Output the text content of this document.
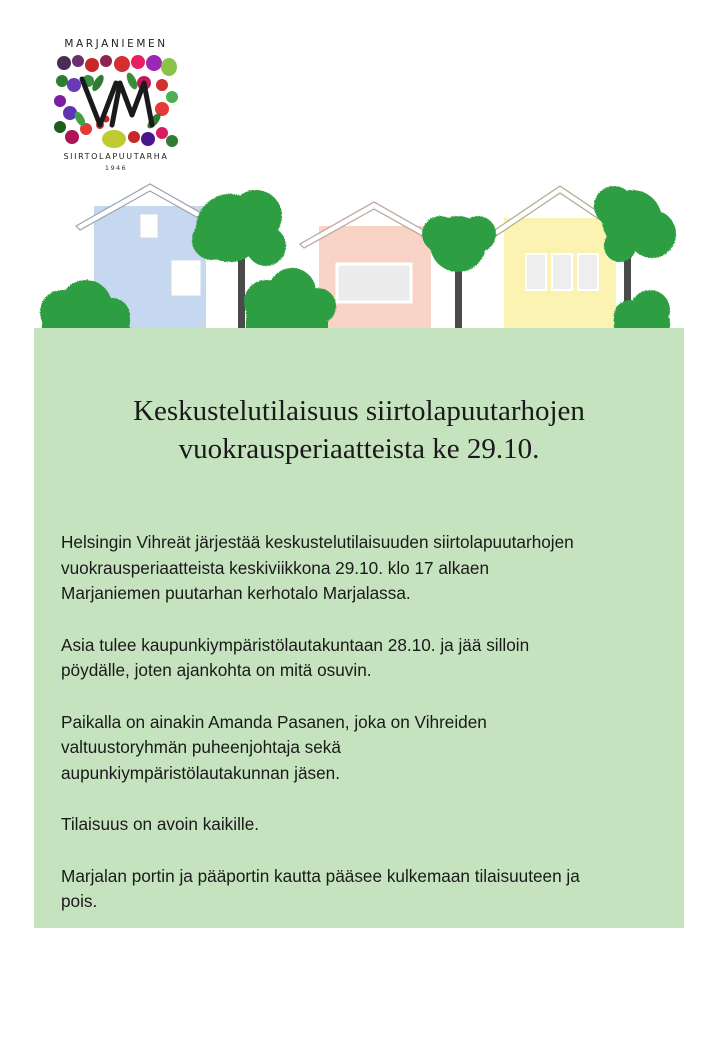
MARJANIEMEN
SIIRTOLAPUUTARHA
1946
Keskustelutilaisuus siirtolapuutarhojen
vuokrausperiaatteista ke 29.10.

Helsingin Vihreät järjestää keskustelutilaisuuden siirtolapuutarhojen
vuokrausperiaatteista keskiviikkona 29.10. klo 17 alkaen
Marjaniemen puutarhan kerhotalo Marjalassa.

Asia tulee kaupunkiympäristölautakuntaan 28.10. ja jää silloin
pöydälle, joten ajankohta on mitä osuvin.

Paikalla on ainakin Amanda Pasanen, joka on Vihreiden
valtuustoryhmän puheenjohtaja sekä
aupunkiympäristölautakunnan jäsen.

Tilaisuus on avoin kaikille.

Marjalan portin ja pääportin kautta pääsee kulkemaan tilaisuuteen ja
pois.
